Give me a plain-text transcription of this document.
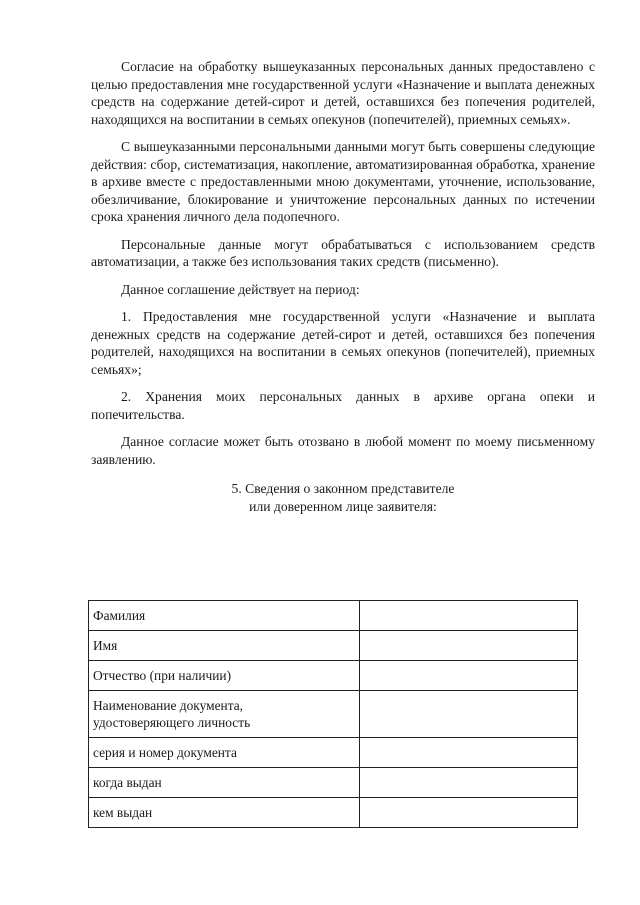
Согласие на обработку вышеуказанных персональных данных предоставлено с целью предоставления мне государственной услуги «Назначение и выплата денежных средств на содержание детей-сирот и детей, оставшихся без попечения родителей, находящихся на воспитании в семьях опекунов (попечителей), приемных семьях».

С вышеуказанными персональными данными могут быть совершены следующие действия: сбор, систематизация, накопление, автоматизированная обработка, хранение в архиве вместе с предоставленными мною документами, уточнение, использование, обезличивание, блокирование и уничтожение персональных данных по истечении срока хранения личного дела подопечного.

Персональные данные могут обрабатываться с использованием средств автоматизации, а также без использования таких средств (письменно).

Данное соглашение действует на период:

1. Предоставления мне государственной услуги «Назначение и выплата денежных средств на содержание детей-сирот и детей, оставшихся без попечения родителей, находящихся на воспитании в семьях опекунов (попечителей), приемных семьях»;

2. Хранения моих персональных данных в архиве органа опеки и попечительства.

Данное согласие может быть отозвано в любой момент по моему письменному заявлению.

5. Сведения о законном представителе
или доверенном лице заявителя:
Фамилия	
Имя	
Отчество (при наличии)	

Наименование документа,
удостоверяющего личность	

серия и номер документа	
когда выдан	
кем выдан	
